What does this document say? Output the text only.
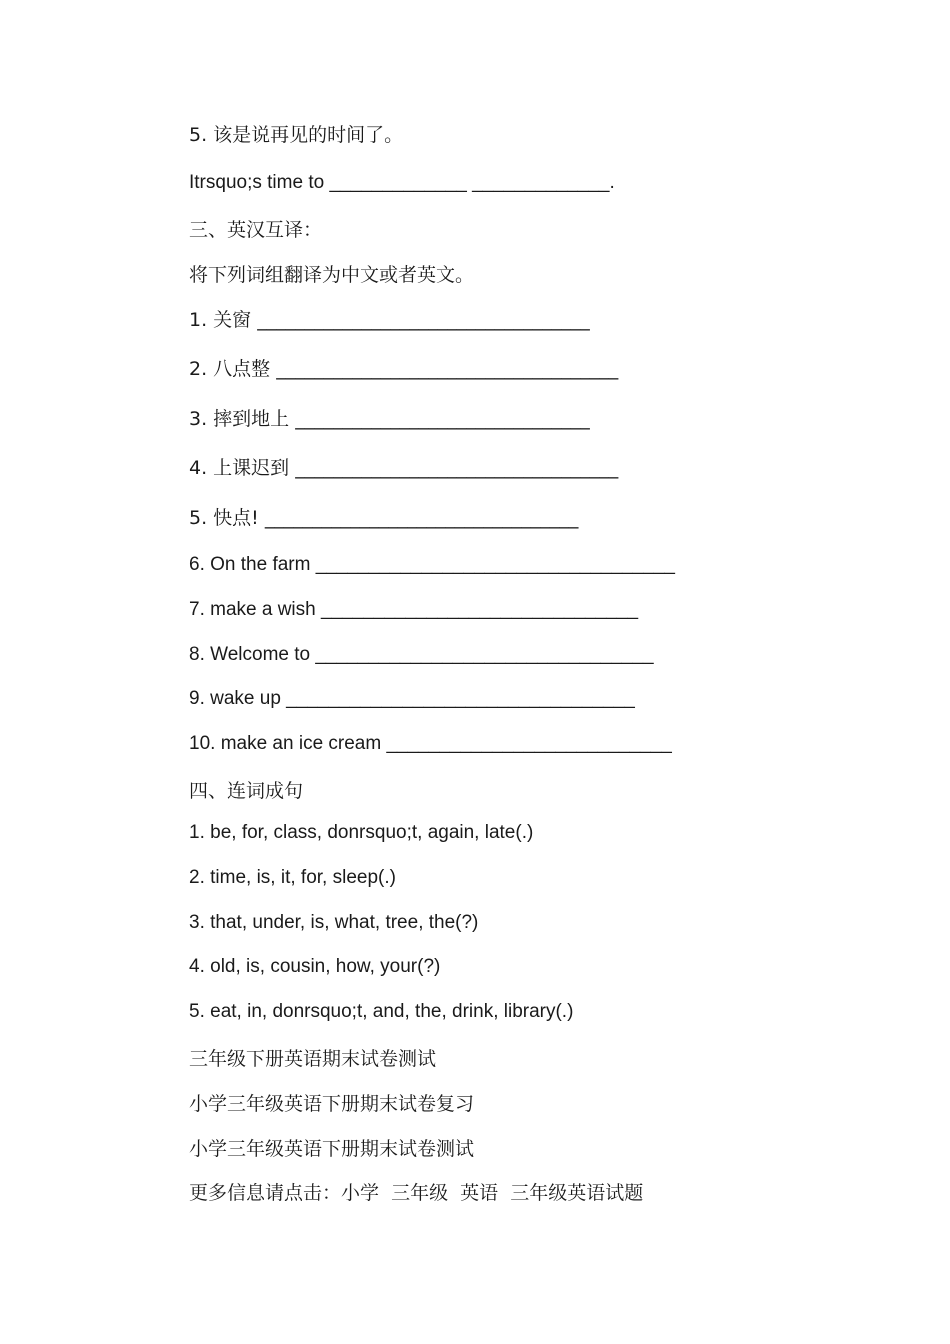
5. 该是说再见的时间了。
Itrsquo;s time to _____________ _____________.
三、英汉互译：
将下列词组翻译为中文或者英文。
1. 关窗 ___________________________________
2. 八点整 ____________________________________
3. 摔到地上 _______________________________
4. 上课迟到 __________________________________
5. 快点! _________________________________
6. On the farm __________________________________
7. make a wish ______________________________
8. Welcome to ________________________________
9. wake up _________________________________
10. make an ice cream ___________________________
四、连词成句
1. be, for, class, donrsquo;t, again, late(.)
2. time, is, it, for, sleep(.)
3. that, under, is, what, tree, the(?)
4. old, is, cousin, how, your(?)
5. eat, in, donrsquo;t, and, the, drink, library(.)
三年级下册英语期末试卷测试
小学三年级英语下册期末试卷复习
小学三年级英语下册期末试卷测试
更多信息请点击：小学  三年级  英语  三年级英语试题
